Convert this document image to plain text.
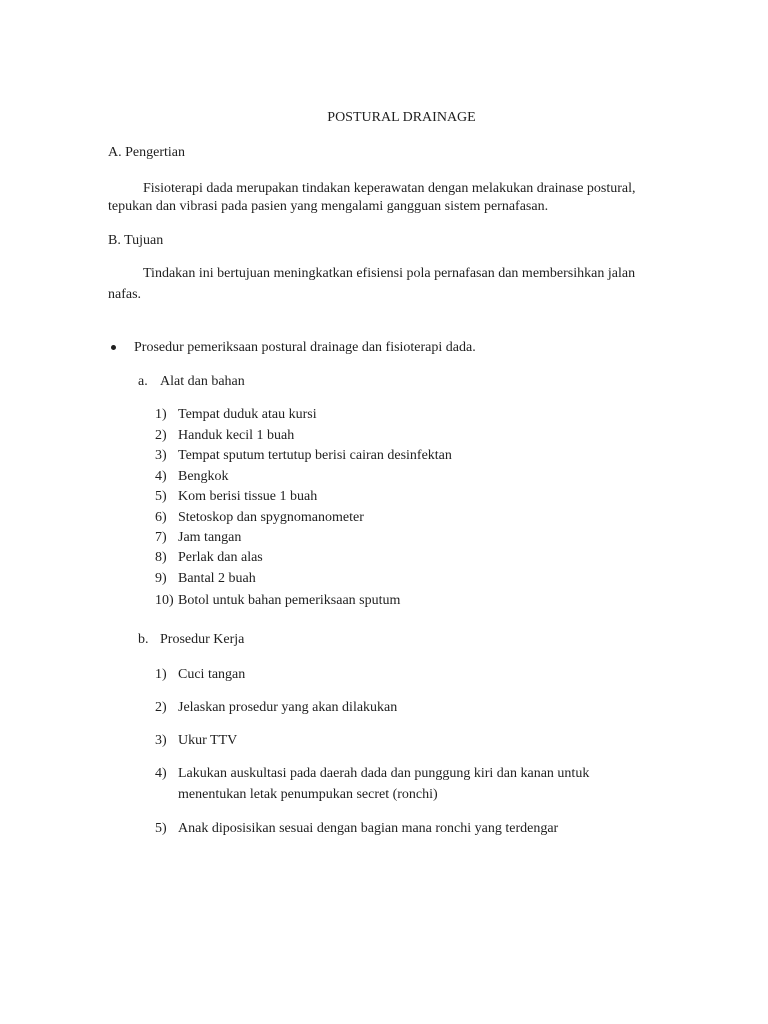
POSTURAL DRAINAGE
A. Pengertian
Fisioterapi dada merupakan tindakan keperawatan dengan melakukan drainase postural,
tepukan dan vibrasi pada pasien yang mengalami gangguan sistem pernafasan.
B. Tujuan
Tindakan ini bertujuan meningkatkan efisiensi pola pernafasan dan membersihkan jalan
nafas.
Prosedur pemeriksaan postural drainage dan fisioterapi dada.
a. Alat dan bahan
1) Tempat duduk atau kursi
2) Handuk kecil 1 buah
3) Tempat sputum tertutup berisi cairan desinfektan
4) Bengkok
5) Kom berisi tissue 1 buah
6) Stetoskop dan spygnomanometer
7) Jam tangan
8) Perlak dan alas
9) Bantal 2 buah
10) Botol untuk bahan pemeriksaan sputum
b. Prosedur Kerja
1) Cuci tangan
2) Jelaskan prosedur yang akan dilakukan
3) Ukur TTV
4) Lakukan auskultasi pada daerah dada dan punggung kiri dan kanan untuk
menentukan letak penumpukan secret (ronchi)
5) Anak diposisikan sesuai dengan bagian mana ronchi yang terdengar
